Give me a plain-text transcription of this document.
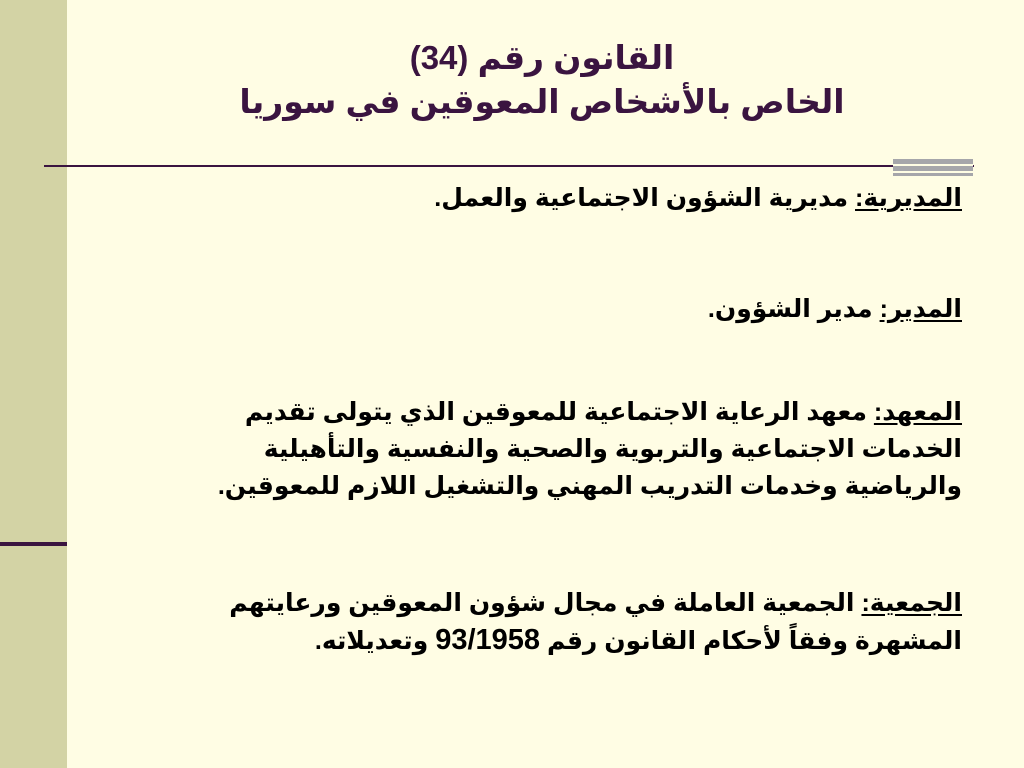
القانون رقم (34)
الخاص بالأشخاص المعوقين في سوريا

المديرية: مديرية الشؤون الاجتماعية والعمل.

المدير: مدير الشؤون.

المعهد: معهد الرعاية الاجتماعية للمعوقين الذي يتولى تقديم الخدمات الاجتماعية والتربوية والصحية والنفسية والتأهيلية والرياضية وخدمات التدريب المهني والتشغيل اللازم للمعوقين.

الجمعية: الجمعية العاملة في مجال شؤون المعوقين ورعايتهم المشهرة وفقاً لأحكام القانون رقم 93/1958 وتعديلاته.
